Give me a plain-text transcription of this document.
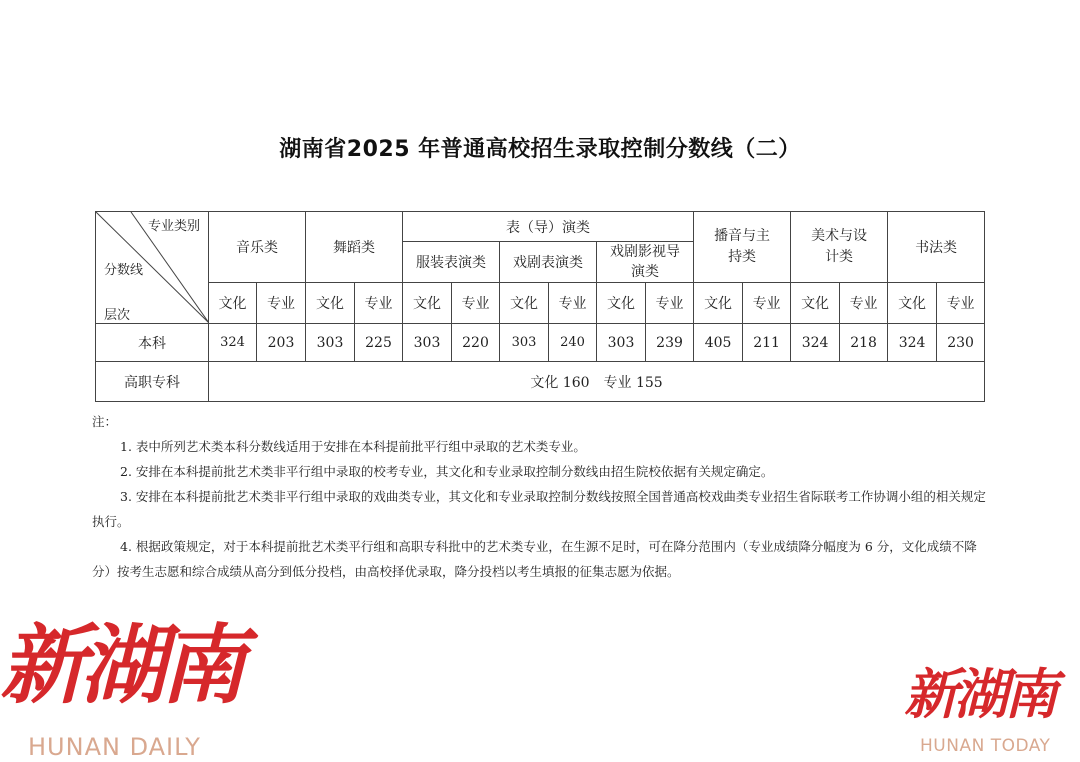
湖南省2025 年普通高校招生录取控制分数线（二）
专业类别
分数线
层次	音乐类		舞蹈类		表（导）演类						播音与主持类		美术与设计类		书法类	
					服装表演类		戏剧表演类		戏剧影视导演类							
	文化	专业	文化	专业	文化	专业	文化	专业	文化	专业	文化	专业	文化	专业	文化	专业
本科	324	203	303	225	303	220	303	240	303	239	405	211	324	218	324	230
高职专科	文化 160　专业 155															

注：

1. 表中所列艺术类本科分数线适用于安排在本科提前批平行组中录取的艺术类专业。

2. 安排在本科提前批艺术类非平行组中录取的校考专业，其文化和专业录取控制分数线由招生院校依据有关规定确定。

3. 安排在本科提前批艺术类非平行组中录取的戏曲类专业，其文化和专业录取控制分数线按照全国普通高校戏曲类专业招生省际联考工作协调小组的相关规定执行。

4. 根据政策规定，对于本科提前批艺术类平行组和高职专科批中的艺术类专业，在生源不足时，可在降分范围内（专业成绩降分幅度为 6 分，文化成绩不降分）按考生志愿和综合成绩从高分到低分投档，由高校择优录取，降分投档以考生填报的征集志愿为依据。

新湖南
HUNAN DAILY
新湖南
HUNAN TODAY
